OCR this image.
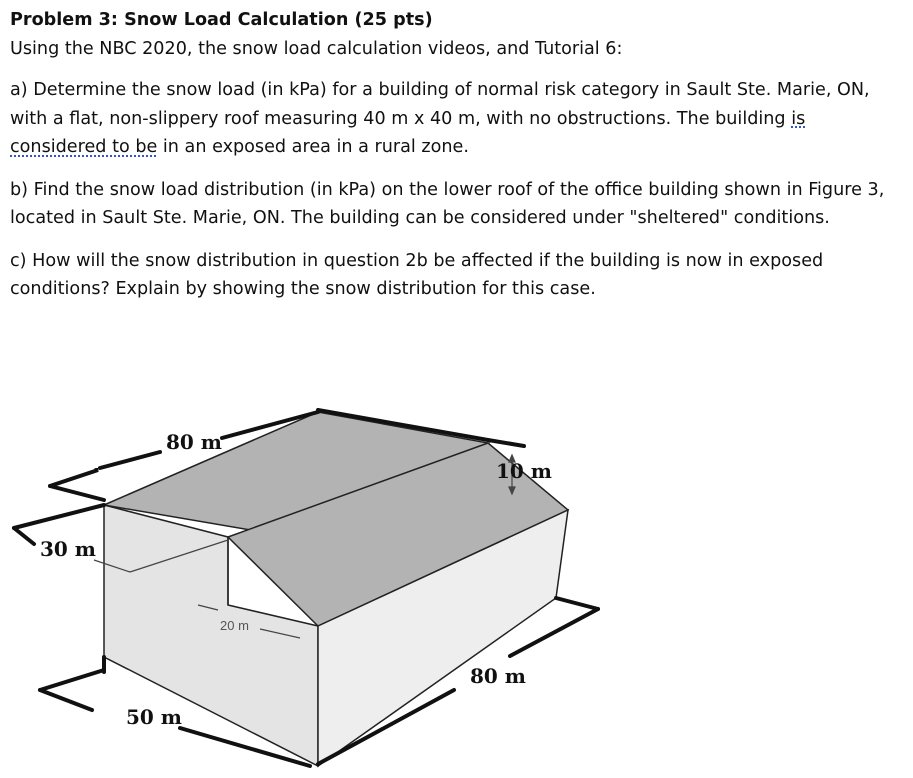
Problem 3: Snow Load Calculation (25 pts)

Using the NBC 2020, the snow load calculation videos, and Tutorial 6:

a) Determine the snow load (in kPa) for a building of normal risk category in Sault Ste. Marie, ON,

with a flat, non-slippery roof measuring 40 m x 40 m, with no obstructions. The building is

considered to be in an exposed area in a rural zone.

b) Find the snow load distribution (in kPa) on the lower roof of the office building shown in Figure 3,

located in Sault Ste. Marie, ON. The building can be considered under "sheltered" conditions.

c) How will the snow distribution in question 2b be affected if the building is now in exposed

conditions? Explain by showing the snow distribution for this case.

80 m
10 m
30 m
20 m
80 m
50 m
